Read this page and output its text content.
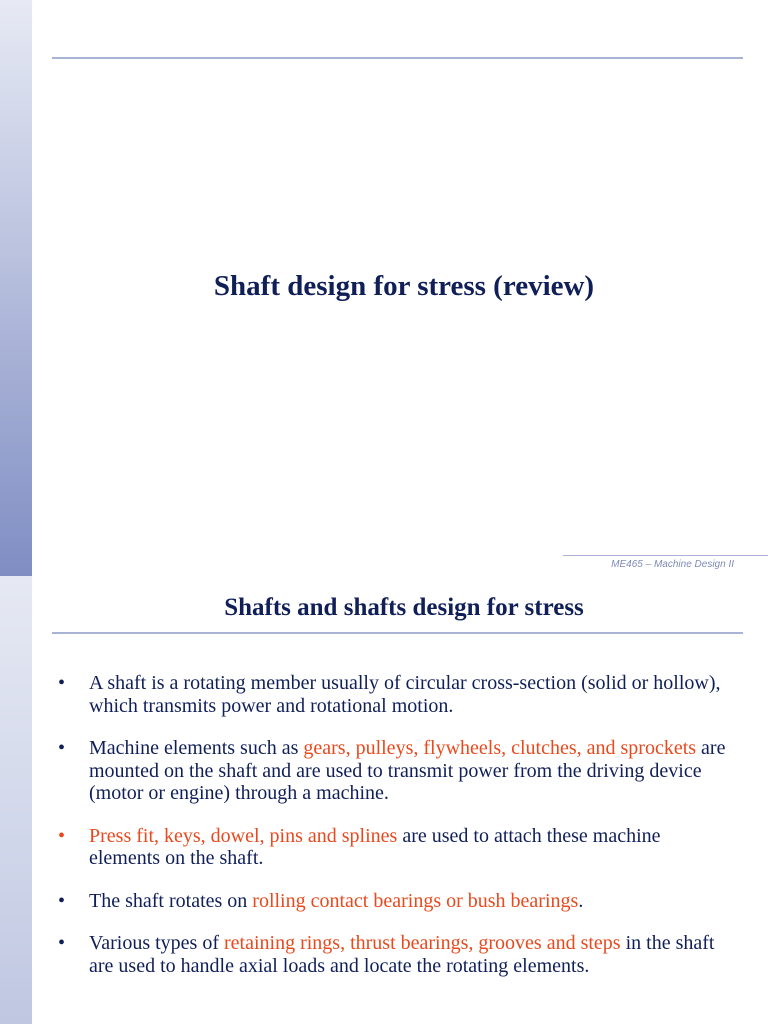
Shaft design for stress (review)
ME465 – Machine Design II
Shafts and shafts design for stress
• A shaft is a rotating member usually of circular cross-section (solid or hollow), which transmits power and rotational motion.
• Machine elements such as gears, pulleys, flywheels, clutches, and sprockets are mounted on the shaft and are used to transmit power from the driving device (motor or engine) through a machine.
• Press fit, keys, dowel, pins and splines are used to attach these machine elements on the shaft.
• The shaft rotates on rolling contact bearings or bush bearings.
• Various types of retaining rings, thrust bearings, grooves and steps in the shaft are used to handle axial loads and locate the rotating elements.
